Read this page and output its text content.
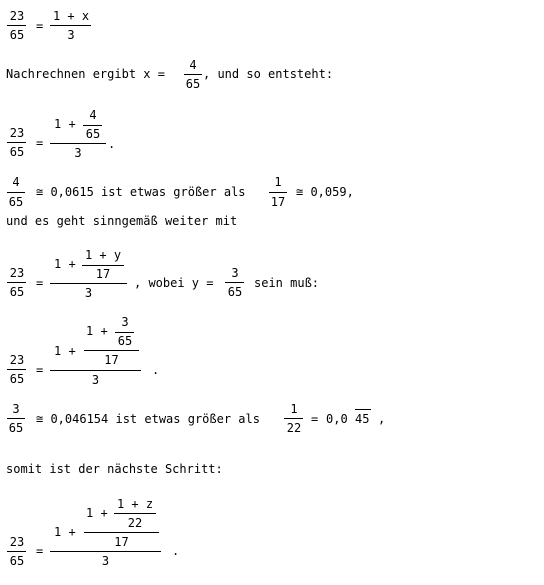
23
65
=
1 + x
3
Nachrechnen ergibt x =
4
65
, und so entsteht:
23
65
=
1 +
4
65
3
.
4
65
≅ 0,0615 ist etwas größer als
1
17
≅ 0,059,
und es geht sinngemäß weiter mit
23
65
=
1 +
1 + y
17
3
, wobei y =
3
65
sein muß:
23
65
=
1 +
1 +
3
65
17
3
.
3
65
≅ 0,046154 ist etwas größer als
1
22
= 0,0 45 ,
somit ist der nächste Schritt:
23
65
=
1 +
1 +
1 + z
22
17
3
.
